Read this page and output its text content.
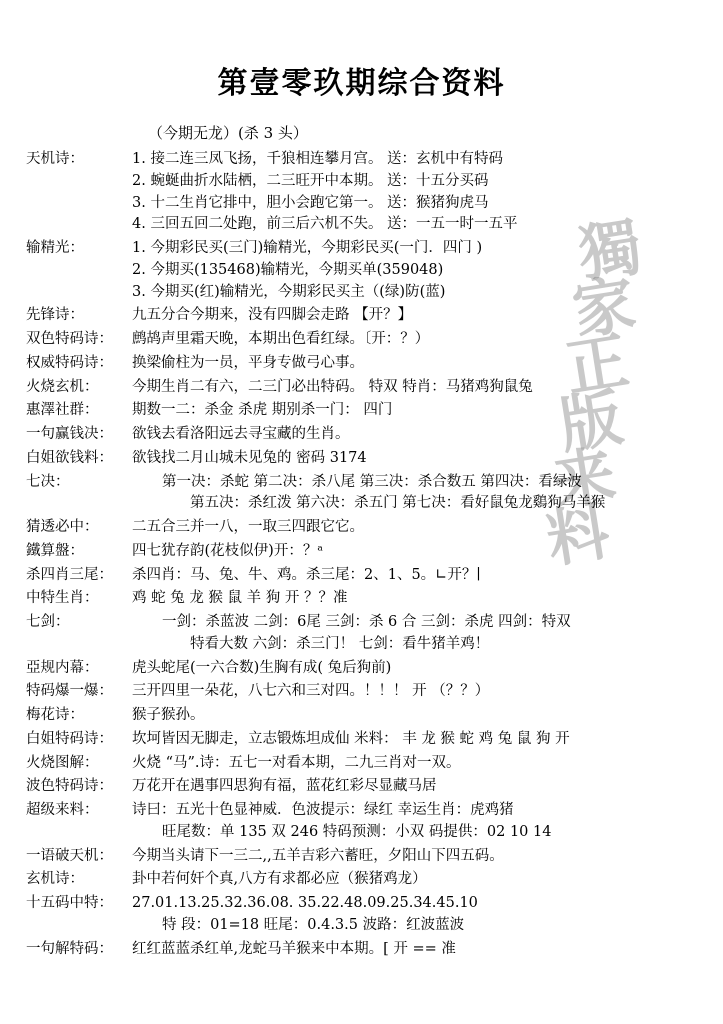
第壹零玖期综合资料
（今期无龙）(杀 3 头）
獨
家
正
版
来
料
天机诗：	1. 接二连三凤飞扬，千狼相连攀月宫。 送：玄机中有特码
2. 蜿蜒曲折水陆栖，二三旺开中本期。 送：十五分买码
3. 十二生肖它排中，胆小会跑它第一。 送：猴猪狗虎马
4. 三回五回二处跑，前三后六机不失。 送：一五一时一五平
输精光：	1. 今期彩民买(三门)输精光，今期彩民买(一门．四门 )
2. 今期买(135468)输精光，今期买单(359048)
3. 今期买(红)输精光，今期彩民买主（(绿)防(蓝)
先锋诗：	九五分合今期来，没有四脚会走路 【开？】
双色特码诗：	鹧鸪声里霜天晚，本期出色看红绿。〔开：？）
权威特码诗：	换梁偷柱为一员，平身专做弓心事。
火烧玄机：	今期生肖二有六，二三门必出特码。 特双 特肖：马猪鸡狗鼠兔
惠澤社群：	期数一二：杀金 杀虎 期别杀一门： 四门
一句赢钱决：	欲钱去看洛阳远去寻宝藏的生肖。
白姐欲钱料：	欲钱找二月山城未见兔的 密码 3174
七决：	第一决：杀蛇 第二决：杀八尾 第三决：杀合数五 第四决：看绿波
第五决：杀红泼 第六决：杀五门 第七决：看好鼠兔龙鷄狗马羊猴
猜透必中：	二五合三并一八，一取三四跟它它。
鐵算盤：	四七犹存韵(花枝似伊)开：？ᵃ
杀四肖三尾：	杀四肖：马、兔、牛、鸡。杀三尾：2、1、5。∟开？∣
中特生肖：	鸡 蛇 兔 龙 猴 鼠 羊 狗 开 ？？准
七剑：	一剑：杀蓝波 二剑：6尾 三剑：杀 6 合 三剑：杀虎 四剑：特双
特看大数 六剑：杀三门！ 七剑：看牛猪羊鸡！
亞规内幕：	虎头蛇尾(一六合数)生胸有成( 兔后狗前)
特码爆一爆：	三开四里一朵花，八七六和三对四。！！！ 开 （？？）
梅花诗：	猴子猴孙。
白姐特码诗：	坎坷皆因无脚走，立志锻炼坦成仙 米料： 丰 龙 猴 蛇 鸡 兔 鼠 狗 开
火烧图解：	火烧 “马”.诗：五七一对看本期，二九三肖对一双。
波色特码诗：	万花开在遇事四思狗有福，蓝花红彩尽显藏马居
超级来料：	诗曰：五光十色显神威．色波提示：绿红 幸运生肖：虎鸡猪
旺尾数：单 135 双 246 特码预测：小双 码提供：02 10 14
一语破天机：	今期当头请下一三二,,五羊吉彩六蓄旺，夕阳山下四五码。
玄机诗：	卦中若何奸个真,八方有求都必应（猴猪鸡龙）
十五码中特：	27.01.13.25.32.36.08. 35.22.48.09.25.34.45.10
特 段：01=18 旺尾：0.4.3.5 波路：红波蓝波
一句解特码：	红红蓝蓝杀红单,龙蛇马羊猴来中本期。[ 开 == 准
